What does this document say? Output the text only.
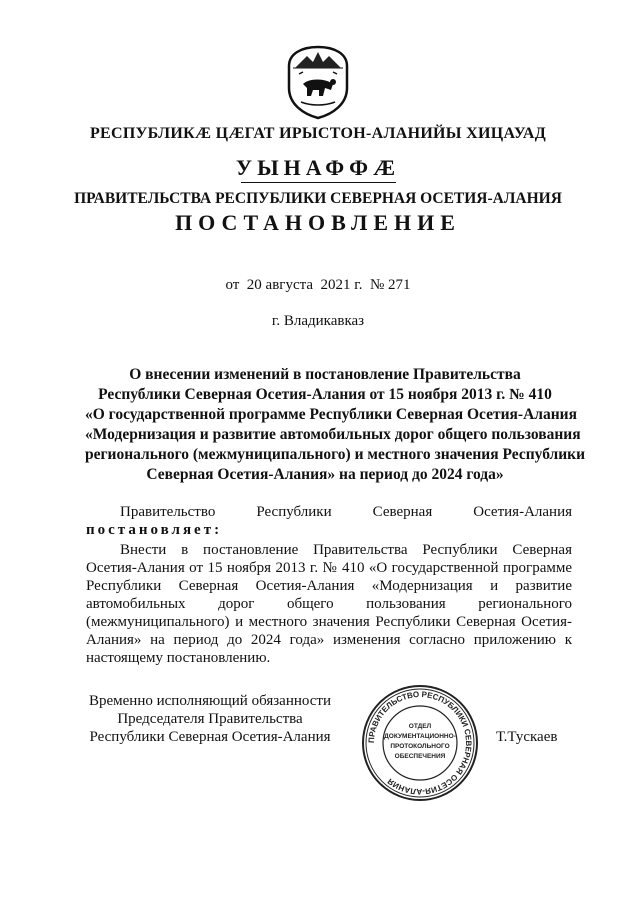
РЕСПУБЛИКӔ ЦӔГАТ ИРЫСТОН-АЛАНИЙЫ ХИЦАУАД
УЫНАФФӔ
ПРАВИТЕЛЬСТВА РЕСПУБЛИКИ СЕВЕРНАЯ ОСЕТИЯ-АЛАНИЯ
ПОСТАНОВЛЕНИЕ
от  20 августа  2021 г.  № 271
г. Владикавказ
О внесении изменений в постановление Правительства
Республики Северная Осетия-Алания от 15 ноября 2013 г. № 410
«О государственной программе Республики Северная Осетия-Алания
«Модернизация и развитие автомобильных дорог общего пользования
регионального (межмуниципального) и местного значения Республики
Северная Осетия-Алания» на период до 2024 года»
Правительство Республики Северная Осетия-Алания
постановляет:
Внести в постановление Правительства Республики Северная
Осетия-Алания от 15 ноября 2013 г. № 410 «О государственной программе
Республики Северная Осетия-Алания «Модернизация и развитие
автомобильных дорог общего пользования регионального
(межмуниципального) и местного значения Республики Северная Осетия-
Алания» на период до 2024 года» изменения согласно приложению к
настоящему постановлению.
Временно исполняющий обязанности
Председателя Правительства
Республики Северная Осетия-Алания	ПРАВИТЕЛЬСТВО РЕСПУБЛИКИ СЕВЕРНАЯ ОСЕТИЯ-АЛАНИЯ
ОТДЕЛ
ДОКУМЕНТАЦИОННО-
ПРОТОКОЛЬНОГО
ОБЕСПЕЧЕНИЯ
Т.Тускаев
